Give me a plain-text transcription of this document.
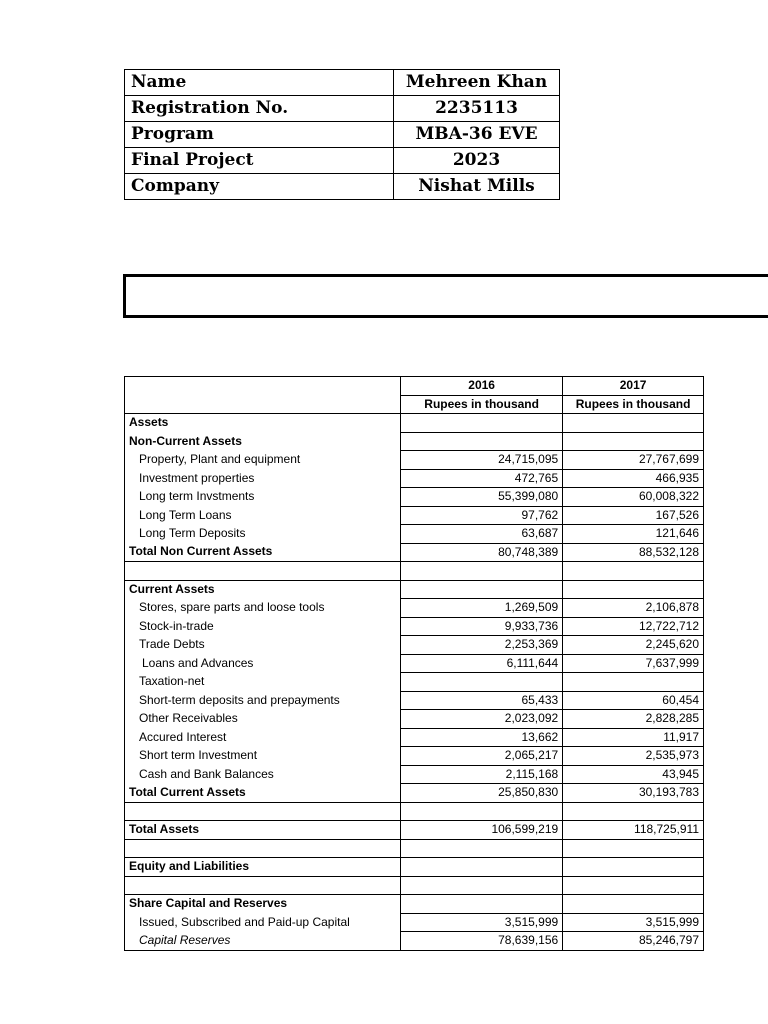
Name	Mehreen Khan
Registration No.	2235113
Program	MBA-36 EVE
Final Project	2023
Company	Nishat Mills
	2016	2017
	Rupees in thousand	Rupees in thousand
Assets		
Non-Current Assets		
Property, Plant and equipment	24,715,095	27,767,699
Investment properties	472,765	466,935
Long term Invstments	55,399,080	60,008,322
Long Term Loans	97,762	167,526
Long Term Deposits	63,687	121,646
Total Non Current Assets	80,748,389	88,532,128

Current Assets		
Stores, spare parts and loose tools	1,269,509	2,106,878
Stock-in-trade	9,933,736	12,722,712
Trade Debts	2,253,369	2,245,620
Loans and Advances	6,111,644	7,637,999
Taxation-net		
Short-term deposits and prepayments	65,433	60,454
Other Receivables	2,023,092	2,828,285
Accured Interest	13,662	11,917
Short term Investment	2,065,217	2,535,973
Cash and Bank Balances	2,115,168	43,945
Total Current Assets	25,850,830	30,193,783

Total Assets	106,599,219	118,725,911

Equity and Liabilities		

Share Capital and Reserves		
Issued, Subscribed and Paid-up Capital	3,515,999	3,515,999
Capital Reserves	78,639,156	85,246,797
